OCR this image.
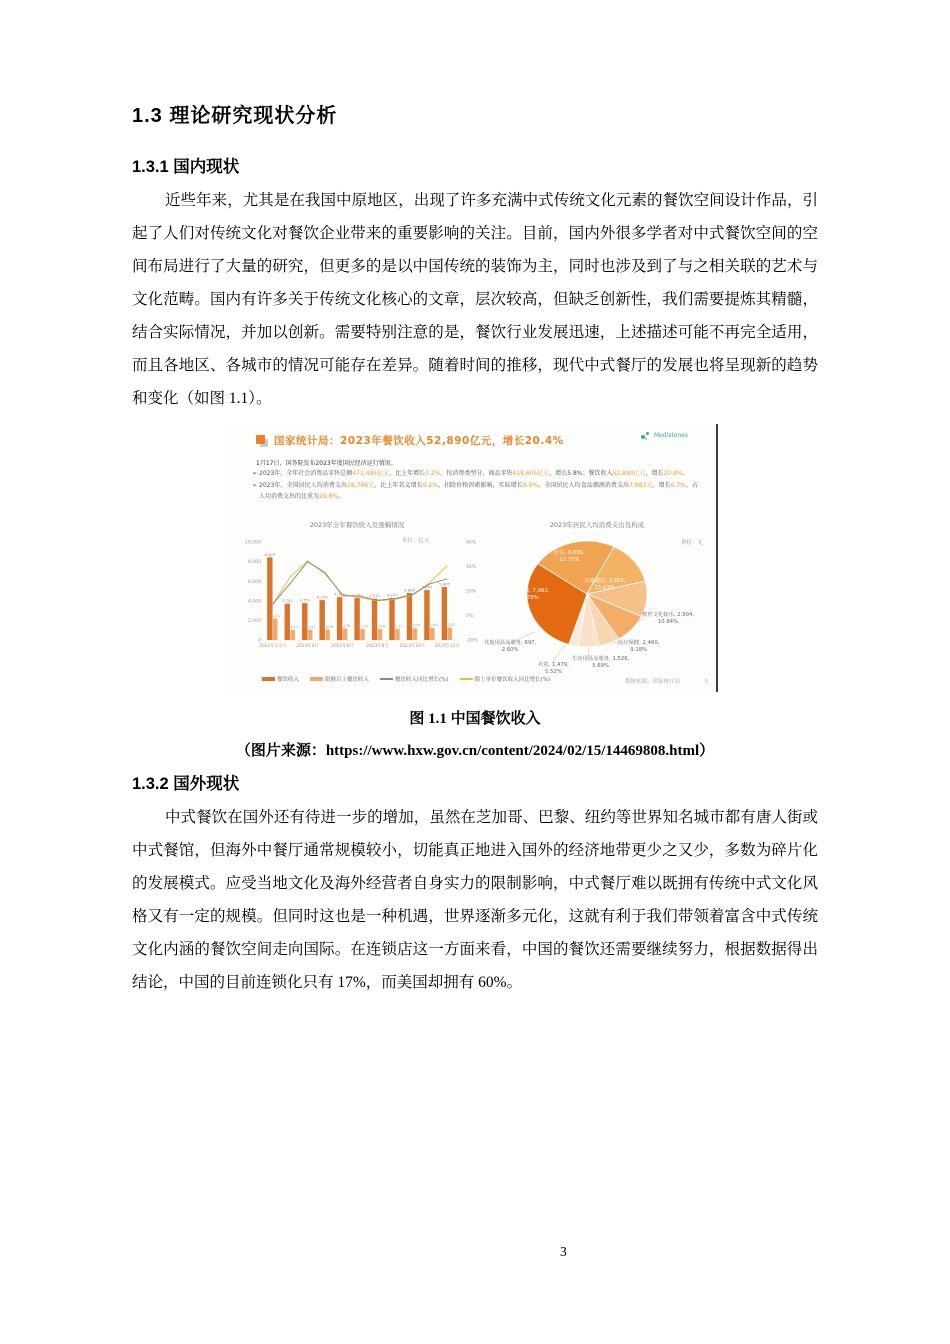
1.3 理论研究现状分析
1.3.1 国内现状

近些年来，尤其是在我国中原地区，出现了许多充满中式传统文化元素的餐饮空间设计作品，引起了人们对传统文化对餐饮企业带来的重要影响的关注。目前，国内外很多学者对中式餐饮空间的空间布局进行了大量的研究，但更多的是以中国传统的装饰为主，同时也涉及到了与之相关联的艺术与文化范畴。国内有许多关于传统文化核心的文章，层次较高，但缺乏创新性，我们需要提炼其精髓，结合实际情况，并加以创新。需要特别注意的是，餐饮行业发展迅速，上述描述可能不再完全适用，而且各地区、各城市的情况可能存在差异。随着时间的推移，现代中式餐厅的发展也将呈现新的趋势和变化（如图 1.1）。

国家统计局：2023年餐饮收入52,890亿元，增长20.4%	Medistones
1月17日，国务院发布2023年度国民经济运行情况。
➢ 2023年，全年社会消费品零售总额471,495亿元，比上年增长7.2%。按消费类型分，商品零售418,605亿元，增长5.8%；餐饮收入52,890亿元，增长20.4%。
➢ 2023年，全国居民人均消费支出26,796元，比上年名义增长9.2%，扣除价格因素影响，实际增长9.0%。全国居民人均食品烟酒消费支出7,983元，增长6.7%，占人均消费支出的比重为29.8%。
2023年全年餐饮收入及涨幅情况	2023年居民人均消费支出及构成
0
2,000
4,000
6,000
8,000
10,000
-20%
0%
20%
40%
60%
2023年1-2月 2023年4月	2023年6月	2023年8月 2023年10月 2023年12月
8,429
2,202
3,707
1,017
3,751
1,031
4,070
1,068
4,371
1,178
4,277
1,115
4,212
1,108
4,287
1,117
4,800
1,200
5,097
1,246
5,405
1,283
单位：亿元
餐饮收入	限额以上餐饮收入	餐饮收入同比增长(%)	限上单位餐饮收入同比增长(%)
单位：元
居住, 6,095,
22.75%
交通通信, 3,652,
13.63%
教育文化娱乐, 2,904,
10.84%
医疗保健, 2,460,
9.18%
生活用品及服务, 1,526,
5.69%
衣着, 1,479,
5.52%
其他用品及服务, 697,
2.60%
食品烟酒, 7,983,
29.79%
数据来源：国家统计局	5
图 1.1 中国餐饮收入
（图片来源：https://www.hxw.gov.cn/content/2024/02/15/14469808.html）
1.3.2 国外现状

中式餐饮在国外还有待进一步的增加，虽然在芝加哥、巴黎、纽约等世界知名城市都有唐人街或中式餐馆，但海外中餐厅通常规模较小，切能真正地进入国外的经济地带更少之又少，多数为碎片化的发展模式。应受当地文化及海外经营者自身实力的限制影响，中式餐厅难以既拥有传统中式文化风格又有一定的规模。但同时这也是一种机遇，世界逐渐多元化，这就有利于我们带领着富含中式传统文化内涵的餐饮空间走向国际。在连锁店这一方面来看，中国的餐饮还需要继续努力，根据数据得出结论，中国的目前连锁化只有 17%，而美国却拥有 60%。

3
